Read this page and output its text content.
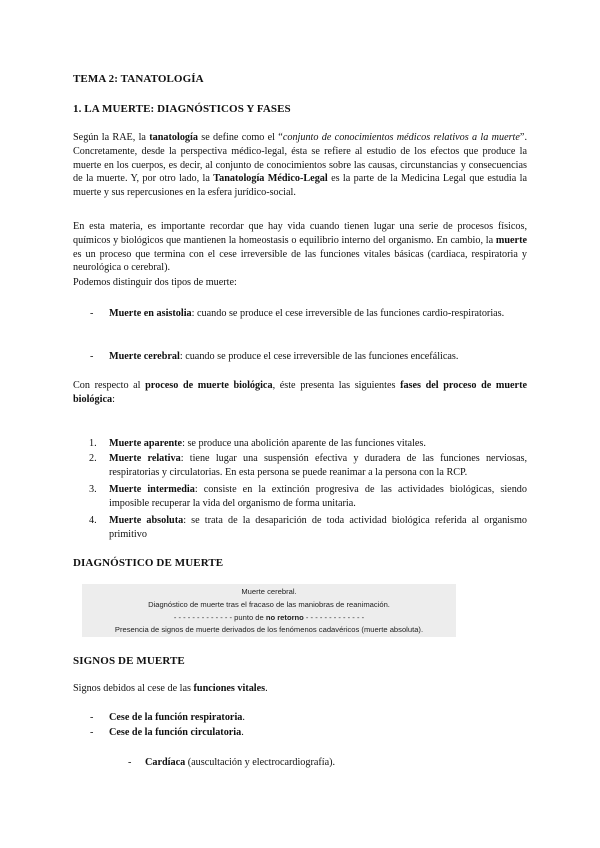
TEMA 2: TANATOLOGÍA
1. LA MUERTE: DIAGNÓSTICOS Y FASES

Según la RAE, la tanatología se define como el “conjunto de conocimientos médicos relativos a la muerte”. Concretamente, desde la perspectiva médico-legal, ésta se refiere al estudio de los efectos que produce la muerte en los cuerpos, es decir, al conjunto de conocimientos sobre las causas, circunstancias y consecuencias de la muerte. Y, por otro lado, la Tanatología Médico-Legal es la parte de la Medicina Legal que estudia la muerte y sus repercusiones en la esfera jurídico-social.

En esta materia, es importante recordar que hay vida cuando tienen lugar una serie de procesos físicos, químicos y biológicos que mantienen la homeostasis o equilibrio interno del organismo. En cambio, la muerte es un proceso que termina con el cese irreversible de las funciones vitales básicas (cardiaca, respiratoria y neurológica o cerebral).

Podemos distinguir dos tipos de muerte:

- Muerte en asistolia: cuando se produce el cese irreversible de las funciones cardio-respiratorias.

- Muerte cerebral: cuando se produce el cese irreversible de las funciones encefálicas.

Con respecto al proceso de muerte biológica, éste presenta las siguientes fases del proceso de muerte biológica:

1. Muerte aparente: se produce una abolición aparente de las funciones vitales.

2. Muerte relativa: tiene lugar una suspensión efectiva y duradera de las funciones nerviosas, respiratorias y circulatorias. En esta persona se puede reanimar a la persona con la RCP.

3. Muerte intermedia: consiste en la extinción progresiva de las actividades biológicas, siendo imposible recuperar la vida del organismo de forma unitaria.

4. Muerte absoluta: se trata de la desaparición de toda actividad biológica referida al organismo primitivo

DIAGNÓSTICO DE MUERTE
Muerte cerebral.
Diagnóstico de muerte tras el fracaso de las maniobras de reanimación.
- - - - - - - - - - - - - punto de no retorno - - - - - - - - - - - - -
Presencia de signos de muerte derivados de los fenómenos cadavéricos (muerte absoluta).
SIGNOS DE MUERTE

Signos debidos al cese de las funciones vitales.

- Cese de la función respiratoria.

- Cese de la función circulatoria.

- Cardíaca (auscultación y electrocardiografía).
